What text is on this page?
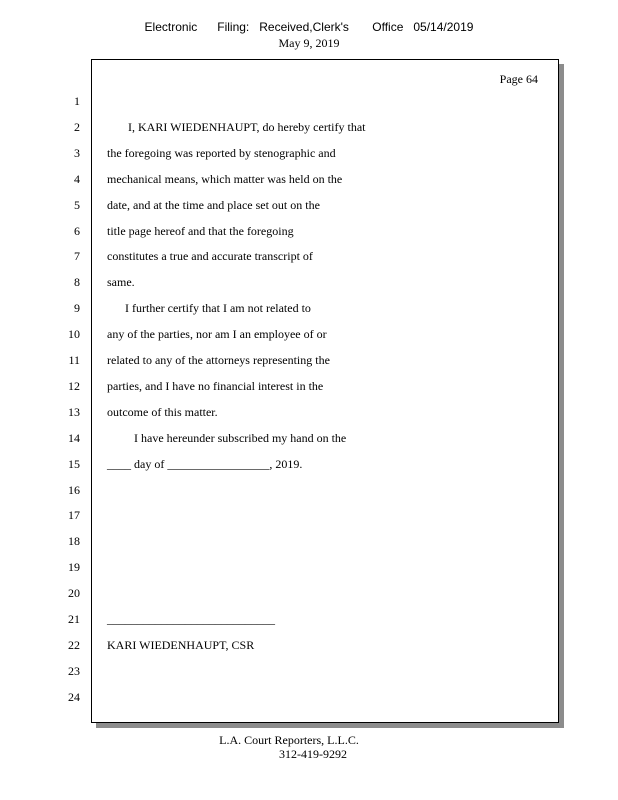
Electronic      Filing:   Received,Clerk's       Office   05/14/2019
May 9, 2019
Page 64
1
2 I, KARI WIEDENHAUPT, do hereby certify that
3 the foregoing was reported by stenographic and
4 mechanical means, which matter was held on the
5 date, and at the time and place set out on the
6 title page hereof and that the foregoing
7 constitutes a true and accurate transcript of
8 same.
9 I further certify that I am not related to
10 any of the parties, nor am I an employee of or
11 related to any of the attorneys representing the
12 parties, and I have no financial interest in the
13 outcome of this matter.
14 I have hereunder subscribed my hand on the
15 ____ day of _________________, 2019.
16
17
18
19
20
21 ____________________________
22 KARI WIEDENHAUPT, CSR
23
24
L.A. Court Reporters, L.L.C.
312-419-9292
